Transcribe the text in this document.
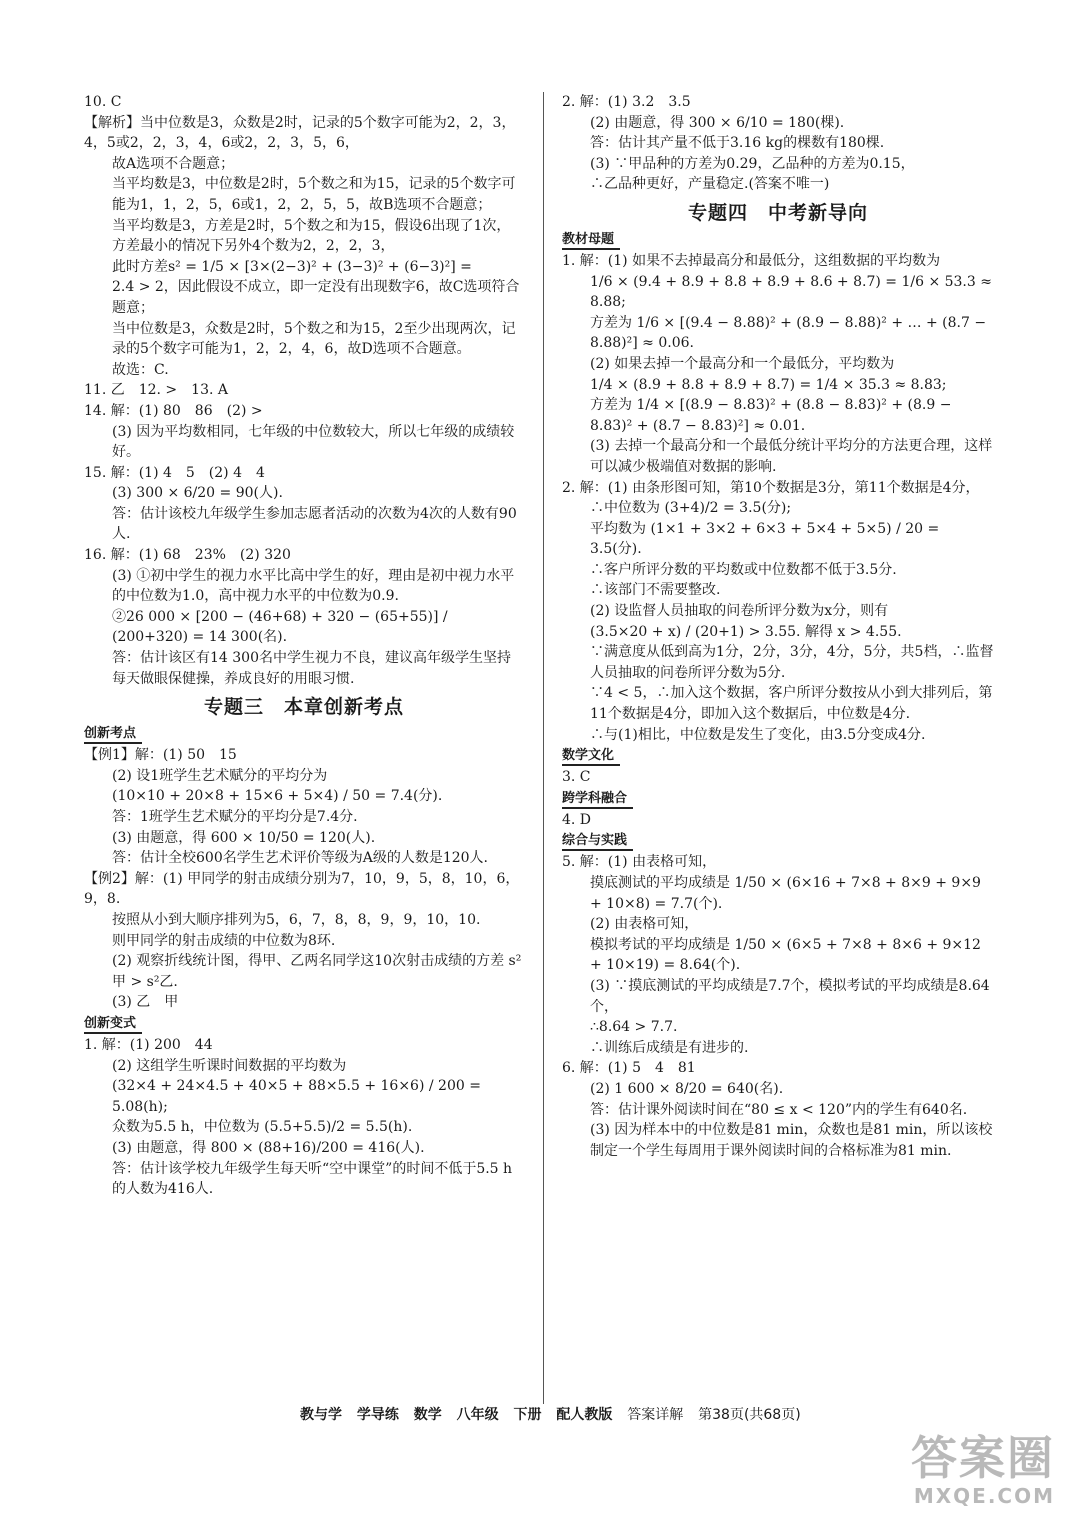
10. C

【解析】当中位数是3，众数是2时，记录的5个数字可能为2，2，3，4，5或2，2，3，4，6或2，2，3，5，6，

故A选项不合题意；

当平均数是3，中位数是2时，5个数之和为15，记录的5个数字可能为1，1，2，5，6或1，2，2，5，5，故B选项不合题意；

当平均数是3，方差是2时，5个数之和为15，假设6出现了1次，方差最小的情况下另外4个数为2，2，2，3，

此时方差s² = 1/5 × [3×(2−3)² + (3−3)² + (6−3)²] =

2.4 > 2，因此假设不成立，即一定没有出现数字6，故C选项符合题意；

当中位数是3，众数是2时，5个数之和为15，2至少出现两次，记录的5个数字可能为1，2，2，4，6，故D选项不合题意。

故选：C.

11. 乙　12. >　13. A

14. 解：(1) 80　86　(2) >

(3) 因为平均数相同，七年级的中位数较大，所以七年级的成绩较好。

15. 解：(1) 4　5　(2) 4　4

(3) 300 × 6/20 = 90(人).

答：估计该校九年级学生参加志愿者活动的次数为4次的人数有90人.

16. 解：(1) 68　23%　(2) 320

(3) ①初中学生的视力水平比高中学生的好，理由是初中视力水平的中位数为1.0，高中视力水平的中位数为0.9.

②26 000 × [200 − (46+68) + 320 − (65+55)] / (200+320) = 14 300(名).

答：估计该区有14 300名中学生视力不良，建议高年级学生坚持每天做眼保健操，养成良好的用眼习惯.

专题三　本章创新考点
创新考点

【例1】解：(1) 50　15

(2) 设1班学生艺术赋分的平均分为

(10×10 + 20×8 + 15×6 + 5×4) / 50 = 7.4(分).

答：1班学生艺术赋分的平均分是7.4分.

(3) 由题意，得 600 × 10/50 = 120(人).

答：估计全校600名学生艺术评价等级为A级的人数是120人.

【例2】解：(1) 甲同学的射击成绩分别为7，10，9，5，8，10，6，9，8.

按照从小到大顺序排列为5，6，7，8，8，9，9，10，10.

则甲同学的射击成绩的中位数为8环.

(2) 观察折线统计图，得甲、乙两名同学这10次射击成绩的方差 s²甲 > s²乙.

(3) 乙　甲

创新变式

1. 解：(1) 200　44

(2) 这组学生听课时间数据的平均数为

(32×4 + 24×4.5 + 40×5 + 88×5.5 + 16×6) / 200 = 5.08(h);

众数为5.5 h，中位数为 (5.5+5.5)/2 = 5.5(h).

(3) 由题意，得 800 × (88+16)/200 = 416(人).

答：估计该学校九年级学生每天听“空中课堂”的时间不低于5.5 h的人数为416人.

2. 解：(1) 3.2　3.5

(2) 由题意，得 300 × 6/10 = 180(棵).

答：估计其产量不低于3.16 kg的棵数有180棵.

(3) ∵甲品种的方差为0.29，乙品种的方差为0.15，

∴乙品种更好，产量稳定.(答案不唯一)

专题四　中考新导向
教材母题

1. 解：(1) 如果不去掉最高分和最低分，这组数据的平均数为

1/6 × (9.4 + 8.9 + 8.8 + 8.9 + 8.6 + 8.7) = 1/6 × 53.3 ≈ 8.88;

方差为 1/6 × [(9.4 − 8.88)² + (8.9 − 8.88)² + … + (8.7 − 8.88)²] ≈ 0.06.

(2) 如果去掉一个最高分和一个最低分，平均数为

1/4 × (8.9 + 8.8 + 8.9 + 8.7) = 1/4 × 35.3 ≈ 8.83;

方差为 1/4 × [(8.9 − 8.83)² + (8.8 − 8.83)² + (8.9 − 8.83)² + (8.7 − 8.83)²] ≈ 0.01.

(3) 去掉一个最高分和一个最低分统计平均分的方法更合理，这样可以减少极端值对数据的影响.

2. 解：(1) 由条形图可知，第10个数据是3分，第11个数据是4分，

∴中位数为 (3+4)/2 = 3.5(分);

平均数为 (1×1 + 3×2 + 6×3 + 5×4 + 5×5) / 20 = 3.5(分).

∴客户所评分数的平均数或中位数都不低于3.5分.

∴该部门不需要整改.

(2) 设监督人员抽取的问卷所评分数为x分，则有

(3.5×20 + x) / (20+1) > 3.55. 解得 x > 4.55.

∵满意度从低到高为1分，2分，3分，4分，5分，共5档，∴监督人员抽取的问卷所评分数为5分.

∵4 < 5，∴加入这个数据，客户所评分数按从小到大排列后，第11个数据是4分，即加入这个数据后，中位数是4分.

∴与(1)相比，中位数是发生了变化，由3.5分变成4分.

数学文化

3. C

跨学科融合

4. D

综合与实践

5. 解：(1) 由表格可知，

摸底测试的平均成绩是 1/50 × (6×16 + 7×8 + 8×9 + 9×9 + 10×8) = 7.7(个).

(2) 由表格可知，

模拟考试的平均成绩是 1/50 × (6×5 + 7×8 + 8×6 + 9×12 + 10×19) = 8.64(个).

(3) ∵摸底测试的平均成绩是7.7个，模拟考试的平均成绩是8.64个，

∴8.64 > 7.7.

∴训练后成绩是有进步的.

6. 解：(1) 5　4　81

(2) 1 600 × 8/20 = 640(名).

答：估计课外阅读时间在“80 ≤ x < 120”内的学生有640名.

(3) 因为样本中的中位数是81 min，众数也是81 min，所以该校制定一个学生每周用于课外阅读时间的合格标准为81 min.

教与学 学导练 数学 八年级 下册 配人教版 答案详解 第38页(共68页)
答案圈
MXQE.COM
